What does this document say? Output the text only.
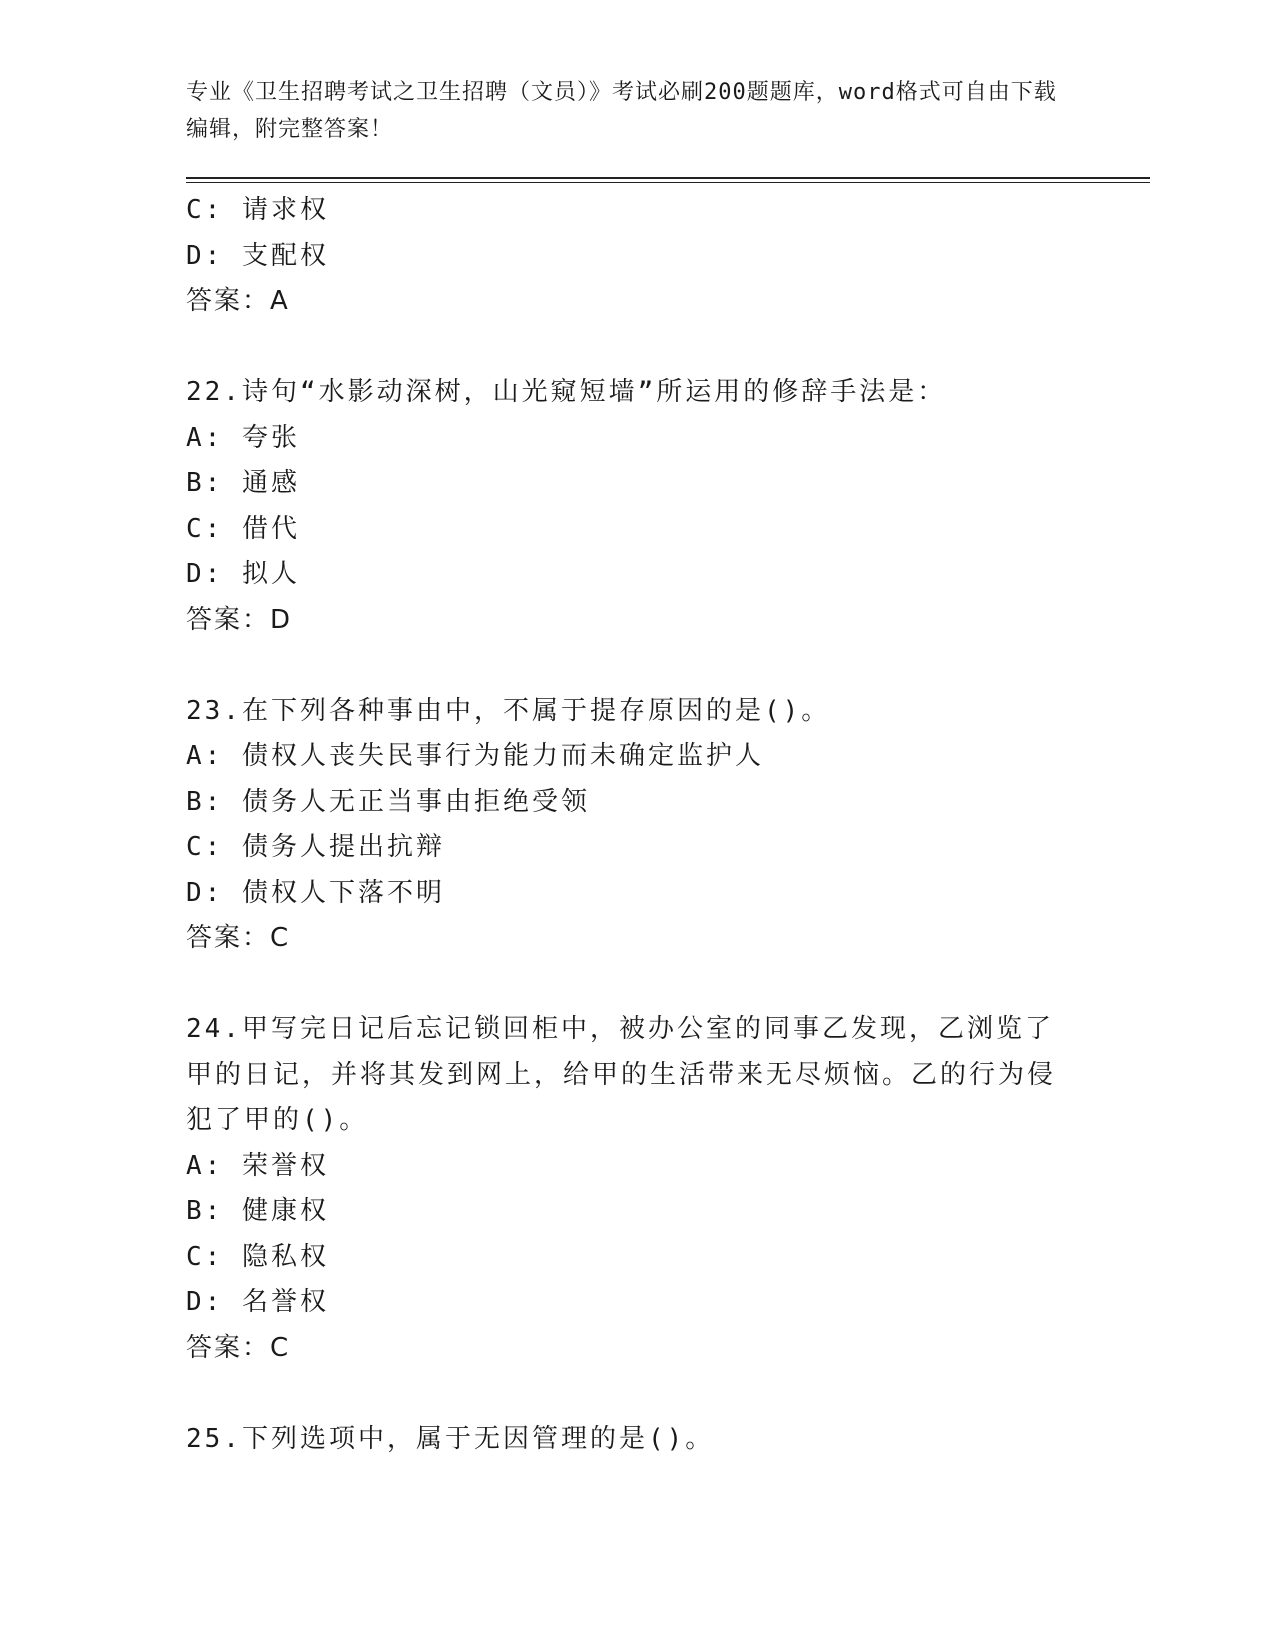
专业《卫生招聘考试之卫生招聘（文员）》考试必刷200题题库，word格式可自由下载编辑，附完整答案！
C: 请求权
D: 支配权
答案：A
22.诗句“水影动深树，山光窥短墙”所运用的修辞手法是：
A: 夸张
B: 通感
C: 借代
D: 拟人
答案：D
23.在下列各种事由中，不属于提存原因的是()。
A: 债权人丧失民事行为能力而未确定监护人
B: 债务人无正当事由拒绝受领
C: 债务人提出抗辩
D: 债权人下落不明
答案：C
24.甲写完日记后忘记锁回柜中，被办公室的同事乙发现，乙浏览了甲的日记，并将其发到网上，给甲的生活带来无尽烦恼。乙的行为侵犯了甲的()。
A: 荣誉权
B: 健康权
C: 隐私权
D: 名誉权
答案：C
25.下列选项中，属于无因管理的是()。
